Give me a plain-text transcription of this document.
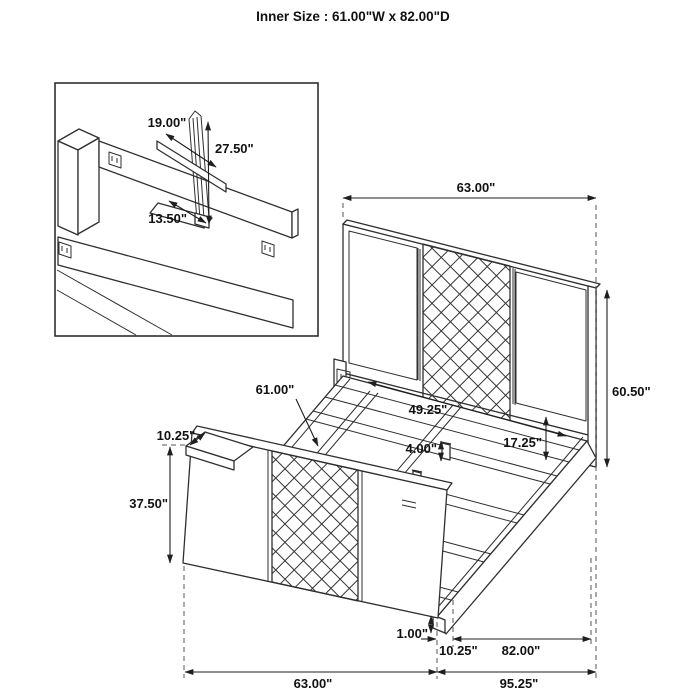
Inner Size : 61.00"W x 82.00"D
63.00"
60.50"
61.00"
49.25"
17.25"
4.00"
10.25"
37.50"
1.00"
10.25" 82.00"
63.00"	95.25"
19.00"
27.50"
13.50"
